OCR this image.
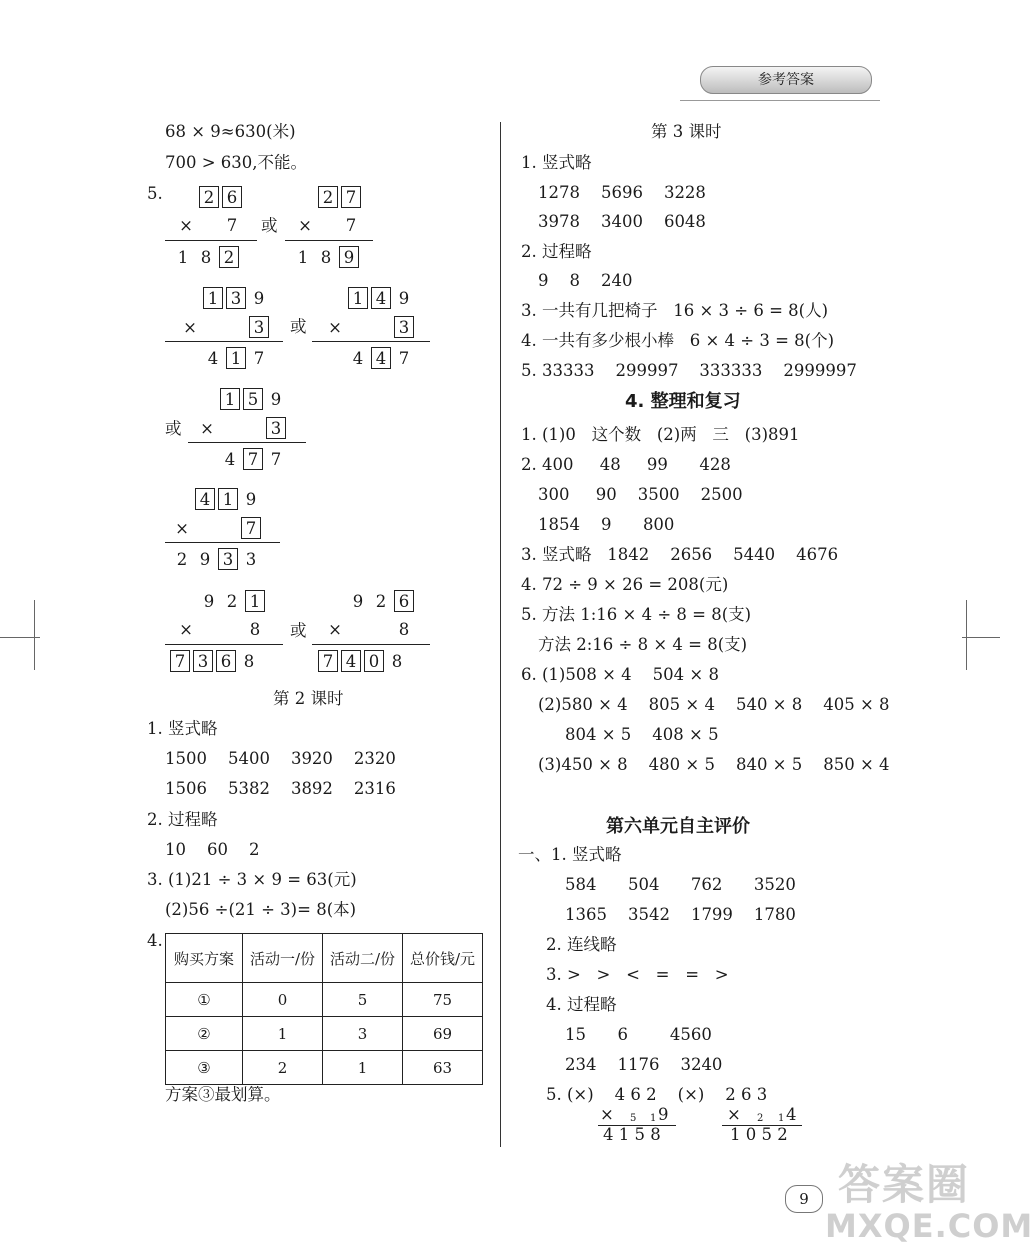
参考答案
68 × 9≈630(米)
700 > 630,不能。
5.	2 6
× 7
1 8 2
或
2 7
× 7
1 8 9
1 3 9
×	3
4 1 7
或
1 4 9
×	3
4 4 7
1 5 9
或	×	3
4 7 7
4 1 9
×	7
2 9 3 3
9 2 1
×	8
7 3 6 8
或
9 2 6
×	8
7 4 0 8
第 2 课时
1. 竖式略
1500    5400    3920    2320
1506    5382    3892    2316
2. 过程略
10    60    2
3. (1)21 ÷ 3 × 9 = 63(元)
(2)56 ÷(21 ÷ 3)= 8(本)
4.
购买方案	活动一/份	活动二/份	总价钱/元
①	0	5	75
②	1	3	69
③	2	1	63
方案③最划算。
第 3 课时
1. 竖式略
1278    5696    3228
3978    3400    6048
2. 过程略
9    8    240
3. 一共有几把椅子   16 × 3 ÷ 6 = 8(人)
4. 一共有多少根小棒   6 × 4 ÷ 3 = 8(个)
5. 33333    299997    333333    2999997
4. 整理和复习
1. (1)0   这个数   (2)两   三   (3)891
2. 400     48     99      428
300     90    3500    2500
1854    9      800
3. 竖式略   1842    2656    5440    4676
4. 72 ÷ 9 × 26 = 208(元)
5. 方法 1:16 × 4 ÷ 8 = 8(支)
方法 2:16 ÷ 8 × 4 = 8(支)
6. (1)508 × 4    504 × 8
(2)580 × 4    805 × 4    540 × 8    405 × 8
804 × 5    408 × 5
(3)450 × 8    480 × 5    840 × 5    850 × 4
第六单元自主评价
一、1. 竖式略
584      504      762      3520
1365    3542    1799    1780
2. 连线略
3. >   >   <   =   =   >
4. 过程略
15      6        4560
234    1176    3240
5. (×)    4 6 2    (×)    2 6 3
× 5 1 9
4 1 5 8
× 2 1 4
1 0 5 2
9 答案圈
MXQE.COM
